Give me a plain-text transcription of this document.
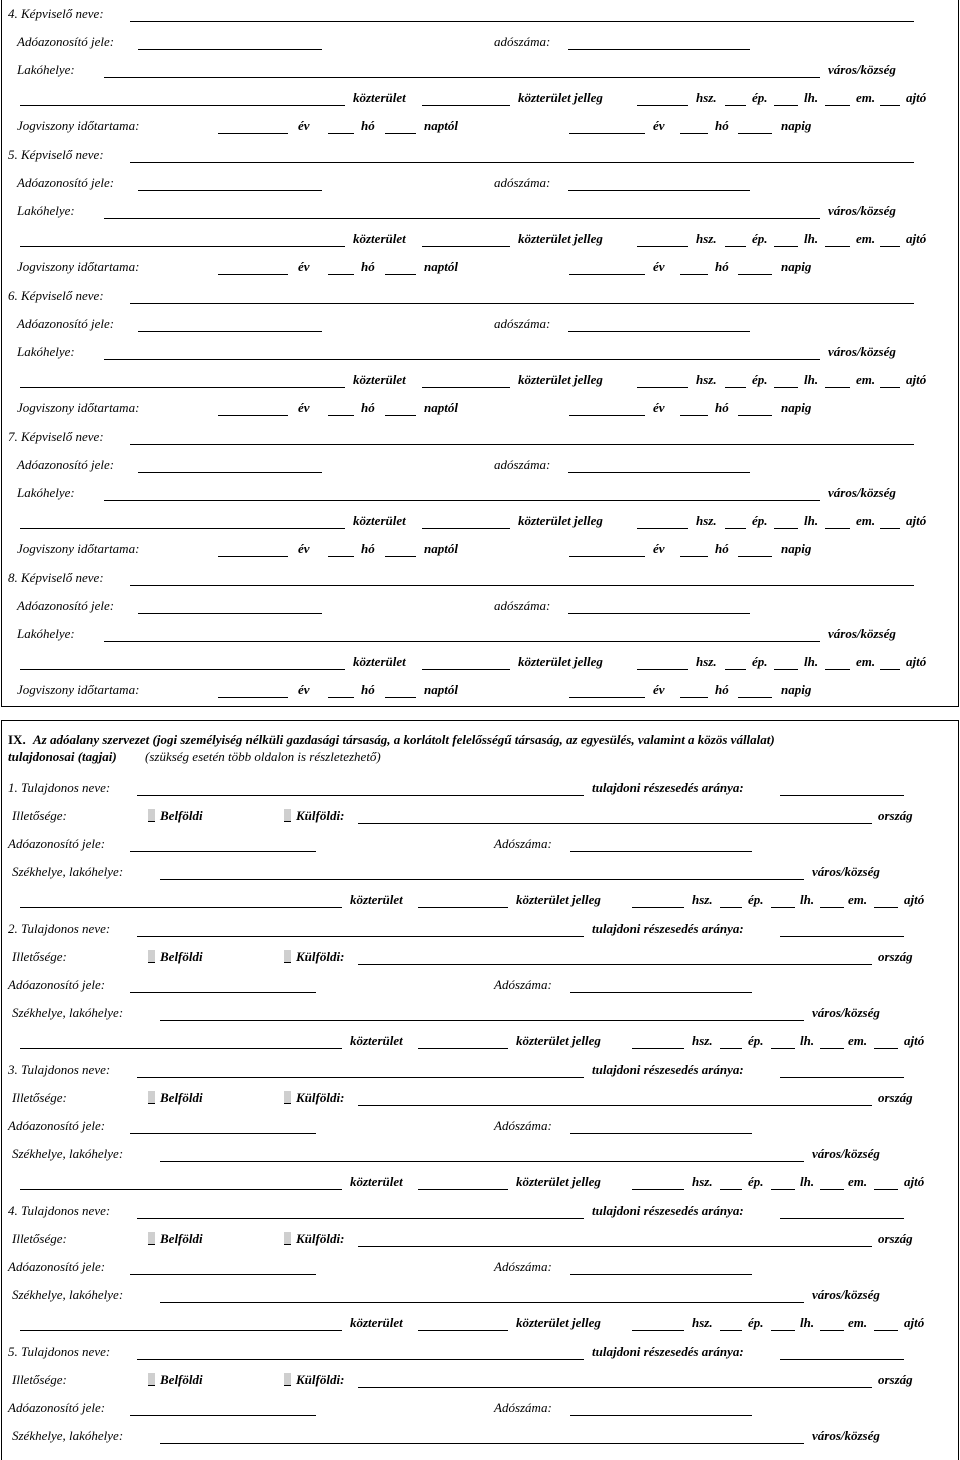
4. Képviselő neve:
Adóazonosító jele:	adószáma:
Lakóhelye:	város/község
közterület	közterület jelleg	hsz.	ép.	lh.	em. ajtó
Jogviszony időtartama:	év	hó	naptól	év	hó	napig
5. Képviselő neve:
Adóazonosító jele:	adószáma:
Lakóhelye:	város/község
közterület	közterület jelleg	hsz.	ép.	lh.	em. ajtó
Jogviszony időtartama:	év	hó	naptól	év	hó	napig
6. Képviselő neve:
Adóazonosító jele:	adószáma:
Lakóhelye:	város/község
közterület	közterület jelleg	hsz.	ép.	lh.	em. ajtó
Jogviszony időtartama:	év	hó	naptól	év	hó	napig
7. Képviselő neve:
Adóazonosító jele:	adószáma:
Lakóhelye:	város/község
közterület	közterület jelleg	hsz.	ép.	lh.	em. ajtó
Jogviszony időtartama:	év	hó	naptól	év	hó	napig
8. Képviselő neve:
Adóazonosító jele:	adószáma:
Lakóhelye:	város/község
közterület	közterület jelleg	hsz.	ép.	lh.	em. ajtó
Jogviszony időtartama:	év	hó	naptól	év	hó	napig
IX. Az adóalany szervezet (jogi személyiség nélküli gazdasági társaság, a korlátolt felelősségű társaság, az egyesülés, valamint a közös vállalat)
tulajdonosai (tagjai) (szükség esetén több oldalon is részletezhető)
1. Tulajdonos neve:	tulajdoni részesedés aránya:
Illetősége:	Belföldi	Külföldi:	ország
Adóazonosító jele:	Adószáma:
Székhelye, lakóhelye:	város/község
közterület	közterület jelleg	hsz.	ép.	lh.	em.	ajtó
2. Tulajdonos neve:	tulajdoni részesedés aránya:
Illetősége:	Belföldi	Külföldi:	ország
Adóazonosító jele:	Adószáma:
Székhelye, lakóhelye:	város/község
közterület	közterület jelleg	hsz.	ép.	lh.	em.	ajtó
3. Tulajdonos neve:	tulajdoni részesedés aránya:
Illetősége:	Belföldi	Külföldi:	ország
Adóazonosító jele:	Adószáma:
Székhelye, lakóhelye:	város/község
közterület	közterület jelleg	hsz.	ép.	lh.	em.	ajtó
4. Tulajdonos neve:	tulajdoni részesedés aránya:
Illetősége:	Belföldi	Külföldi:	ország
Adóazonosító jele:	Adószáma:
Székhelye, lakóhelye:	város/község
közterület	közterület jelleg	hsz.	ép.	lh.	em.	ajtó
5. Tulajdonos neve:	tulajdoni részesedés aránya:
Illetősége:	Belföldi	Külföldi:	ország
Adóazonosító jele:	Adószáma:
Székhelye, lakóhelye:	város/község
